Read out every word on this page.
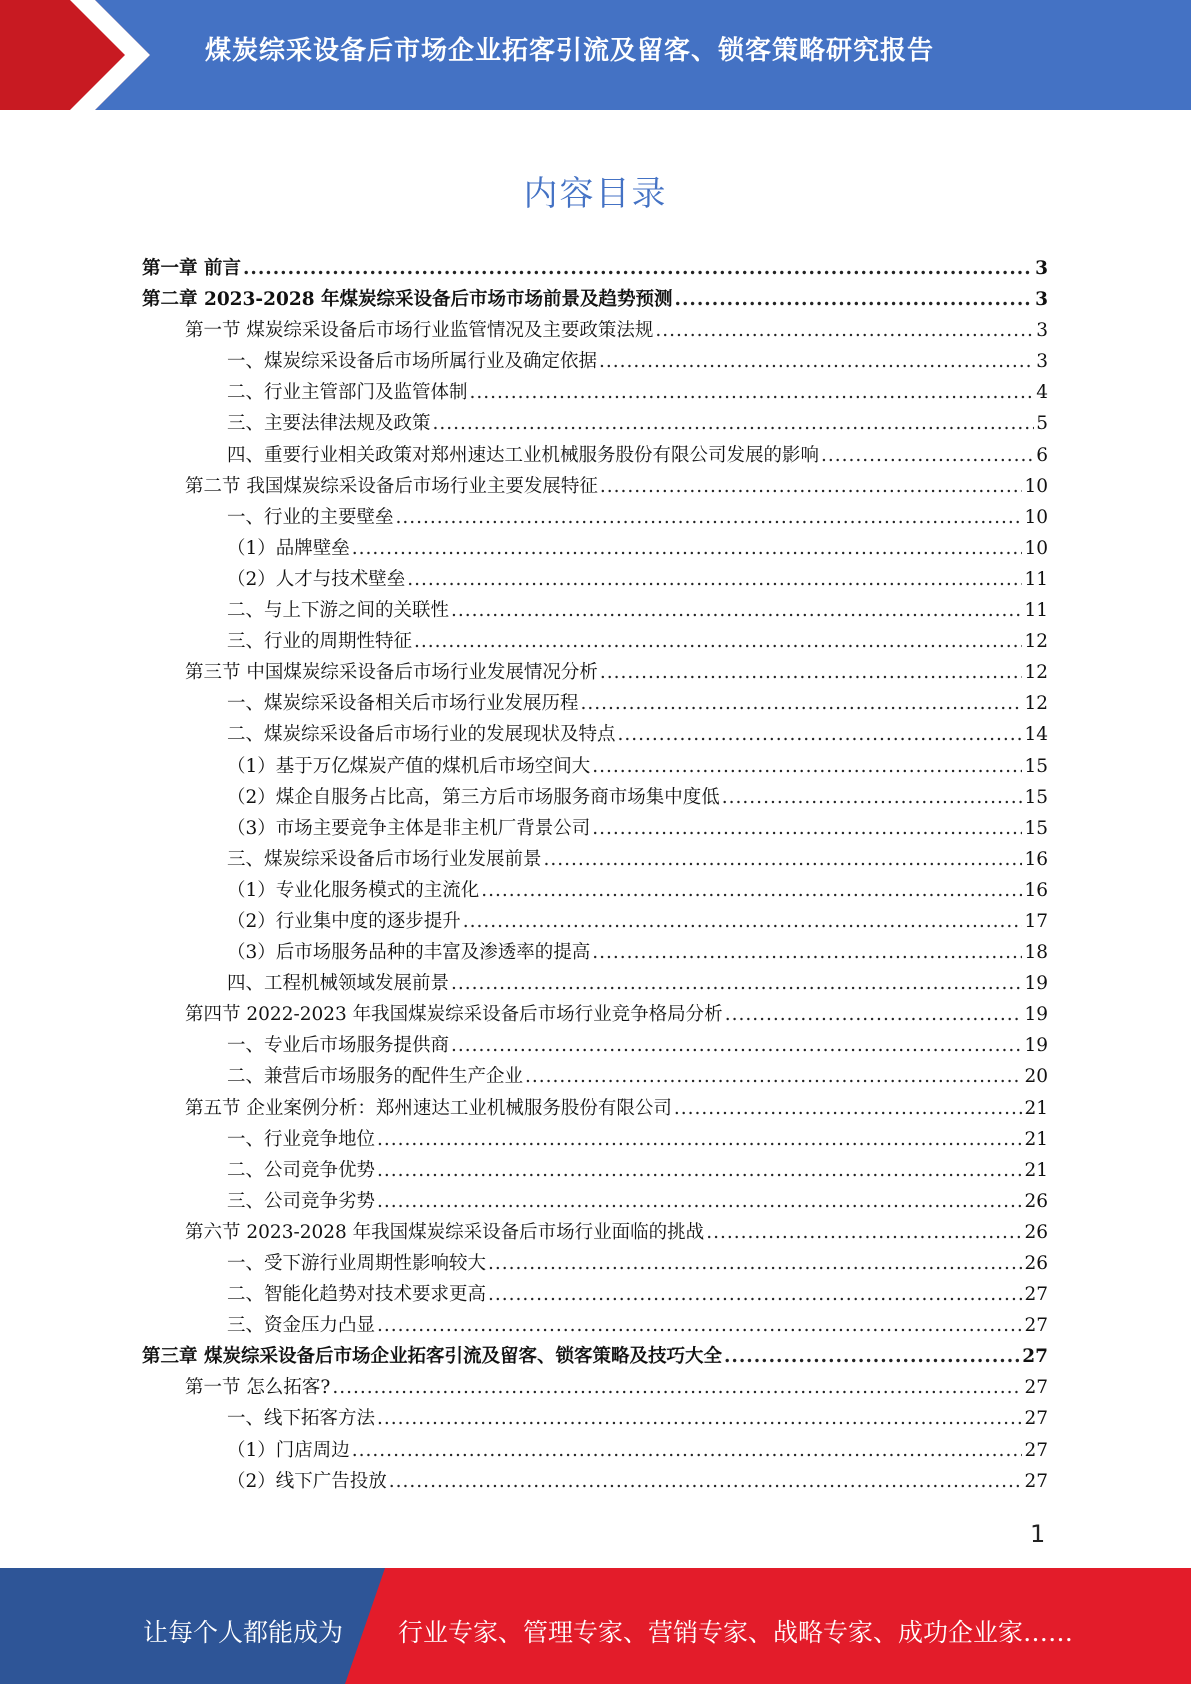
煤炭综采设备后市场企业拓客引流及留客、锁客策略研究报告
内容目录
第一章 前言 .....	3
第二章 2023-2028 年煤炭综采设备后市场市场前景及趋势预测 .....	3
第一节 煤炭综采设备后市场行业监管情况及主要政策法规 .....	3
一、煤炭综采设备后市场所属行业及确定依据 .....	3
二、行业主管部门及监管体制 .....	4
三、主要法律法规及政策 .....	5
四、重要行业相关政策对郑州速达工业机械服务股份有限公司发展的影响 .....	6
第二节 我国煤炭综采设备后市场行业主要发展特征 .....	10
一、行业的主要壁垒 .....	10
（1）品牌壁垒 .....	10
（2）人才与技术壁垒 .....	11
二、与上下游之间的关联性 .....	11
三、行业的周期性特征 .....	12
第三节 中国煤炭综采设备后市场行业发展情况分析 .....	12
一、煤炭综采设备相关后市场行业发展历程 .....	12
二、煤炭综采设备后市场行业的发展现状及特点 .....	14
（1）基于万亿煤炭产值的煤机后市场空间大 .....	15
（2）煤企自服务占比高，第三方后市场服务商市场集中度低 .....	15
（3）市场主要竞争主体是非主机厂背景公司 .....	15
三、煤炭综采设备后市场行业发展前景 .....	16
（1）专业化服务模式的主流化 .....	16
（2）行业集中度的逐步提升 .....	17
（3）后市场服务品种的丰富及渗透率的提高 .....	18
四、工程机械领域发展前景 .....	19
第四节 2022-2023 年我国煤炭综采设备后市场行业竞争格局分析 .....	19
一、专业后市场服务提供商 .....	19
二、兼营后市场服务的配件生产企业 .....	20
第五节 企业案例分析：郑州速达工业机械服务股份有限公司 .....	21
一、行业竞争地位 .....	21
二、公司竞争优势 .....	21
三、公司竞争劣势 .....	26
第六节 2023-2028 年我国煤炭综采设备后市场行业面临的挑战 .....	26
一、受下游行业周期性影响较大 .....	26
二、智能化趋势对技术要求更高 .....	27
三、资金压力凸显 .....	27
第三章 煤炭综采设备后市场企业拓客引流及留客、锁客策略及技巧大全 .....	27
第一节 怎么拓客? .....	27
一、线下拓客方法 .....	27
（1）门店周边 .....	27
（2）线下广告投放 .....	27
1
让每个人都能成为 行业专家、管理专家、营销专家、战略专家、成功企业家……
